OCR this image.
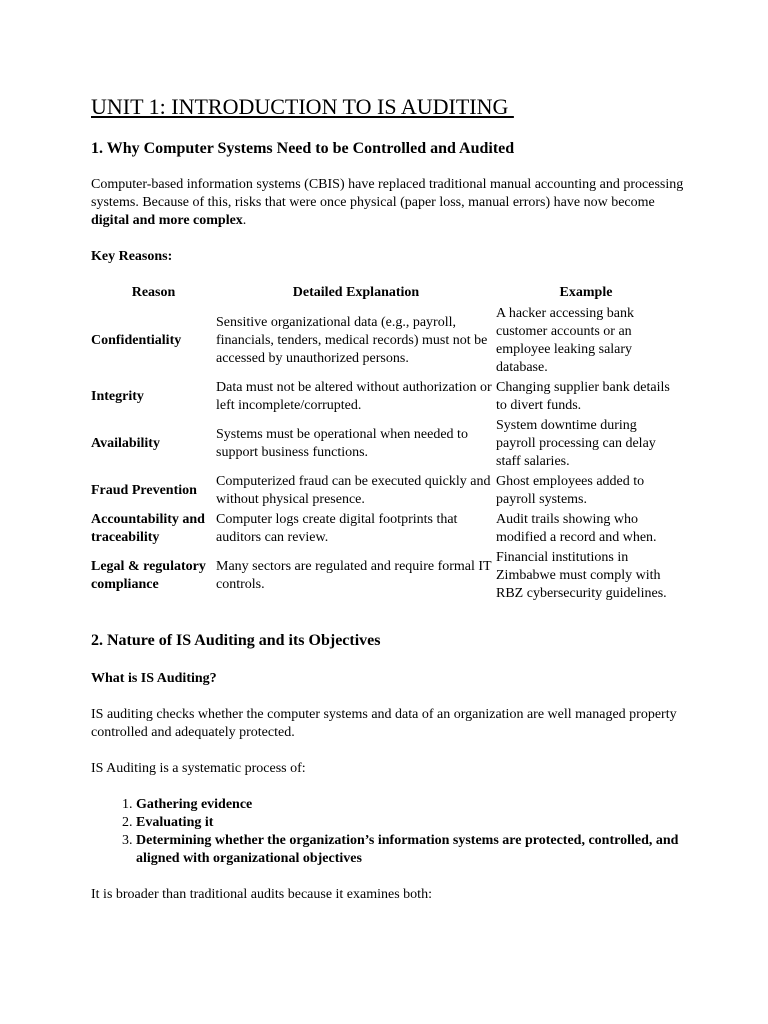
UNIT 1: INTRODUCTION TO IS AUDITING
1. Why Computer Systems Need to be Controlled and Audited

Computer-based information systems (CBIS) have replaced traditional manual accounting and processing systems. Because of this, risks that were once physical (paper loss, manual errors) have now become digital and more complex.

Key Reasons:

Reason	Detailed Explanation	Example
Confidentiality	Sensitive organizational data (e.g., payroll, financials, tenders, medical records) must not be accessed by unauthorized persons.	A hacker accessing bank customer accounts or an employee leaking salary database.
Integrity	Data must not be altered without authorization or left incomplete/corrupted.	Changing supplier bank details to divert funds.
Availability	Systems must be operational when needed to support business functions.	System downtime during payroll processing can delay staff salaries.
Fraud Prevention	Computerized fraud can be executed quickly and without physical presence.	Ghost employees added to payroll systems.
Accountability and traceability	Computer logs create digital footprints that auditors can review.	Audit trails showing who modified a record and when.
Legal & regulatory compliance	Many sectors are regulated and require formal IT controls.	Financial institutions in Zimbabwe must comply with RBZ cybersecurity guidelines.
2. Nature of IS Auditing and its Objectives

What is IS Auditing?

IS auditing checks whether the computer systems and data of an organization are well managed property controlled and adequately protected.

IS Auditing is a systematic process of:

1. Gathering evidence
2. Evaluating it
3. Determining whether the organization’s information systems are protected, controlled, and aligned with organizational objectives

It is broader than traditional audits because it examines both:
